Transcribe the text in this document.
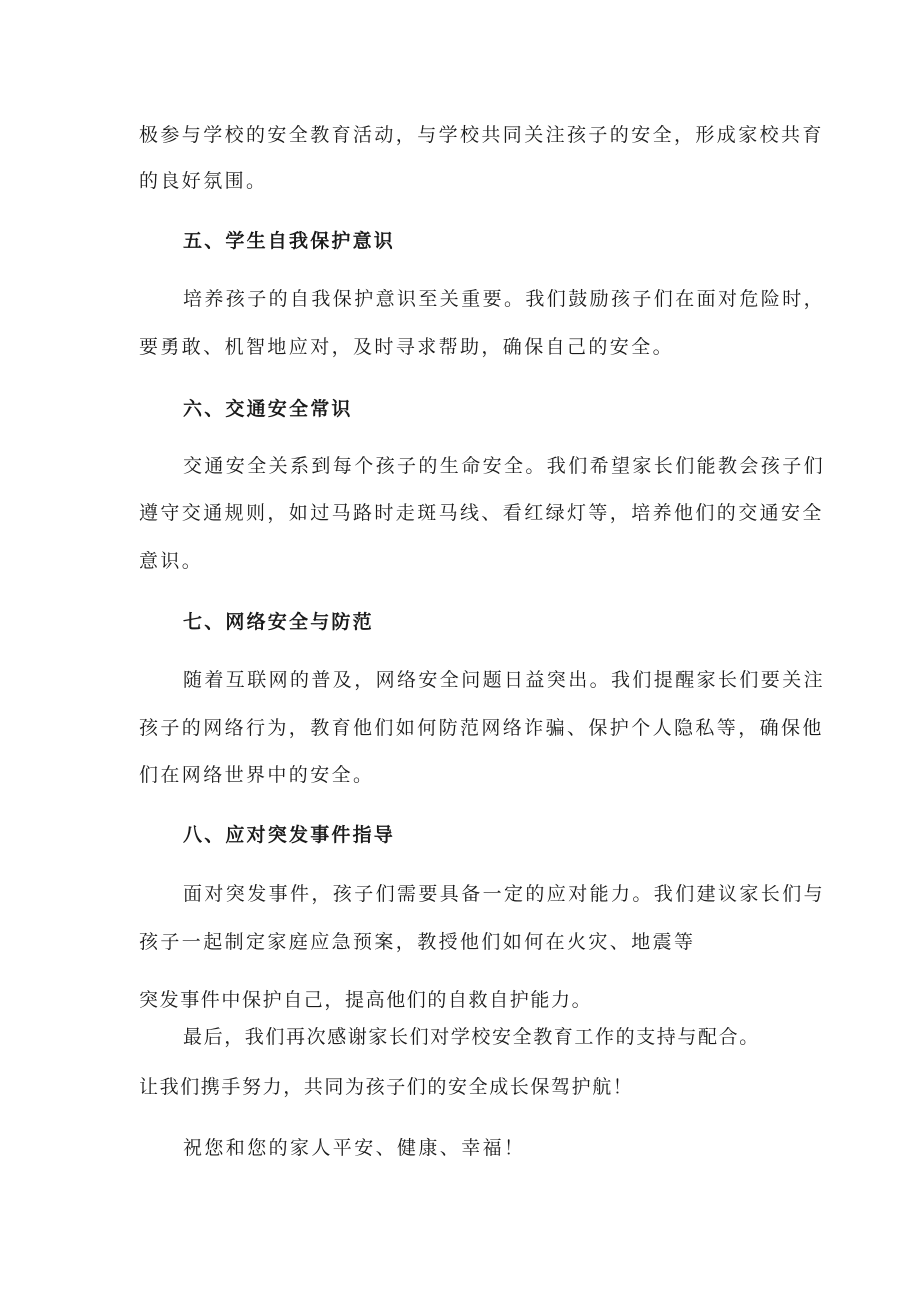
极参与学校的安全教育活动，与学校共同关注孩子的安全，形成家校共育
的良好氛围。
五、学生自我保护意识
培养孩子的自我保护意识至关重要。我们鼓励孩子们在面对危险时，
要勇敢、机智地应对，及时寻求帮助，确保自己的安全。
六、交通安全常识
交通安全关系到每个孩子的生命安全。我们希望家长们能教会孩子们
遵守交通规则，如过马路时走斑马线、看红绿灯等，培养他们的交通安全
意识。
七、网络安全与防范
随着互联网的普及，网络安全问题日益突出。我们提醒家长们要关注
孩子的网络行为，教育他们如何防范网络诈骗、保护个人隐私等，确保他
们在网络世界中的安全。
八、应对突发事件指导
面对突发事件，孩子们需要具备一定的应对能力。我们建议家长们与
孩子一起制定家庭应急预案，教授他们如何在火灾、地震等
突发事件中保护自己，提高他们的自救自护能力。
最后，我们再次感谢家长们对学校安全教育工作的支持与配合。
让我们携手努力，共同为孩子们的安全成长保驾护航！
祝您和您的家人平安、健康、幸福！
